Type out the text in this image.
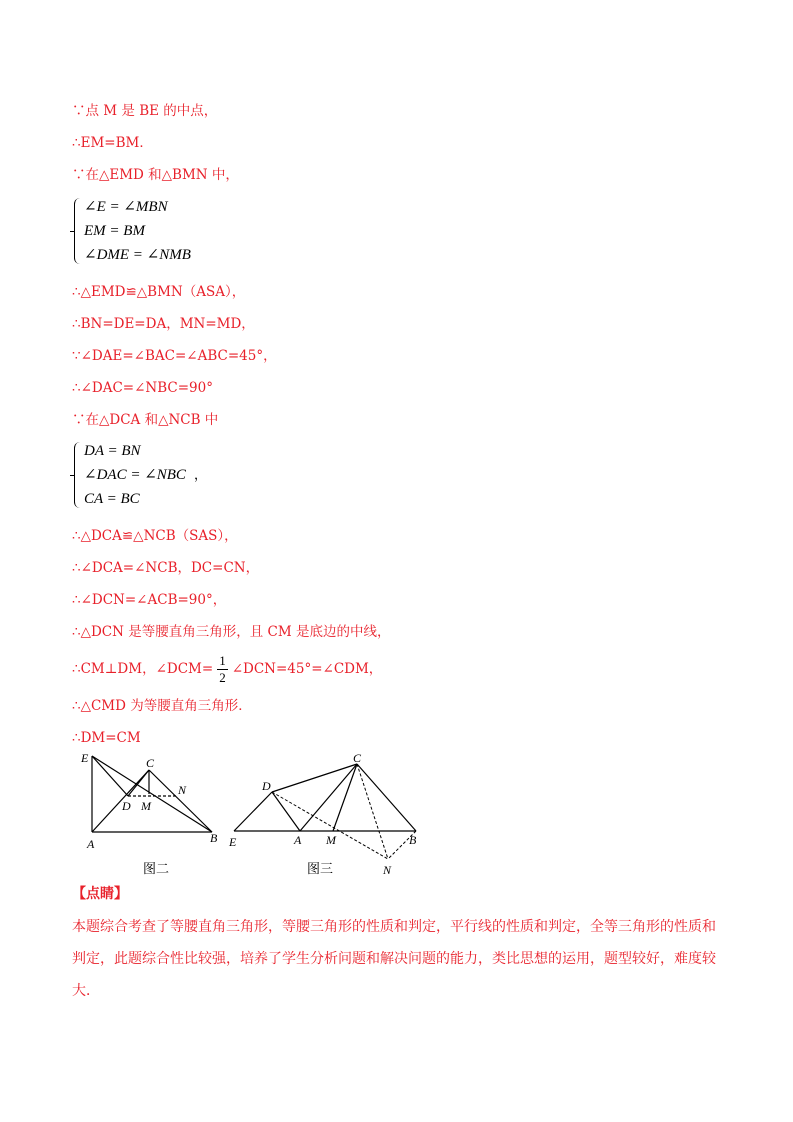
∵点 M 是 BE 的中点，
∴EM=BM．
∵在△EMD 和△BMN 中，
∠E = ∠MBN
EM = BM
∠DME = ∠NMB
∴△EMD≌△BMN（ASA），
∴BN=DE=DA，MN=MD，
∵∠DAE=∠BAC=∠ABC=45°，
∴∠DAC=∠NBC=90°
∵在△DCA 和△NCB 中
DA = BN
∠DAC = ∠NBC
CA = BC
，
∴△DCA≌△NCB（SAS），
∴∠DCA=∠NCB，DC=CN，
∴∠DCN=∠ACB=90°，
∴△DCN 是等腰直角三角形，且 CM 是底边的中线，
∴CM⊥DM，∠DCM= $\frac{1}{2}$ ∠DCN=45°=∠CDM，
∴△CMD 为等腰直角三角形．
∴DM=CM
E	C
N
D M
A	B
图二
C
D
E	A M	B
N
图三
【点睛】
本题综合考查了等腰直角三角形，等腰三角形的性质和判定，平行线的性质和判定，全等三角形的性质和判定，此题综合性比较强，培养了学生分析问题和解决问题的能力，类比思想的运用，题型较好，难度较大．
